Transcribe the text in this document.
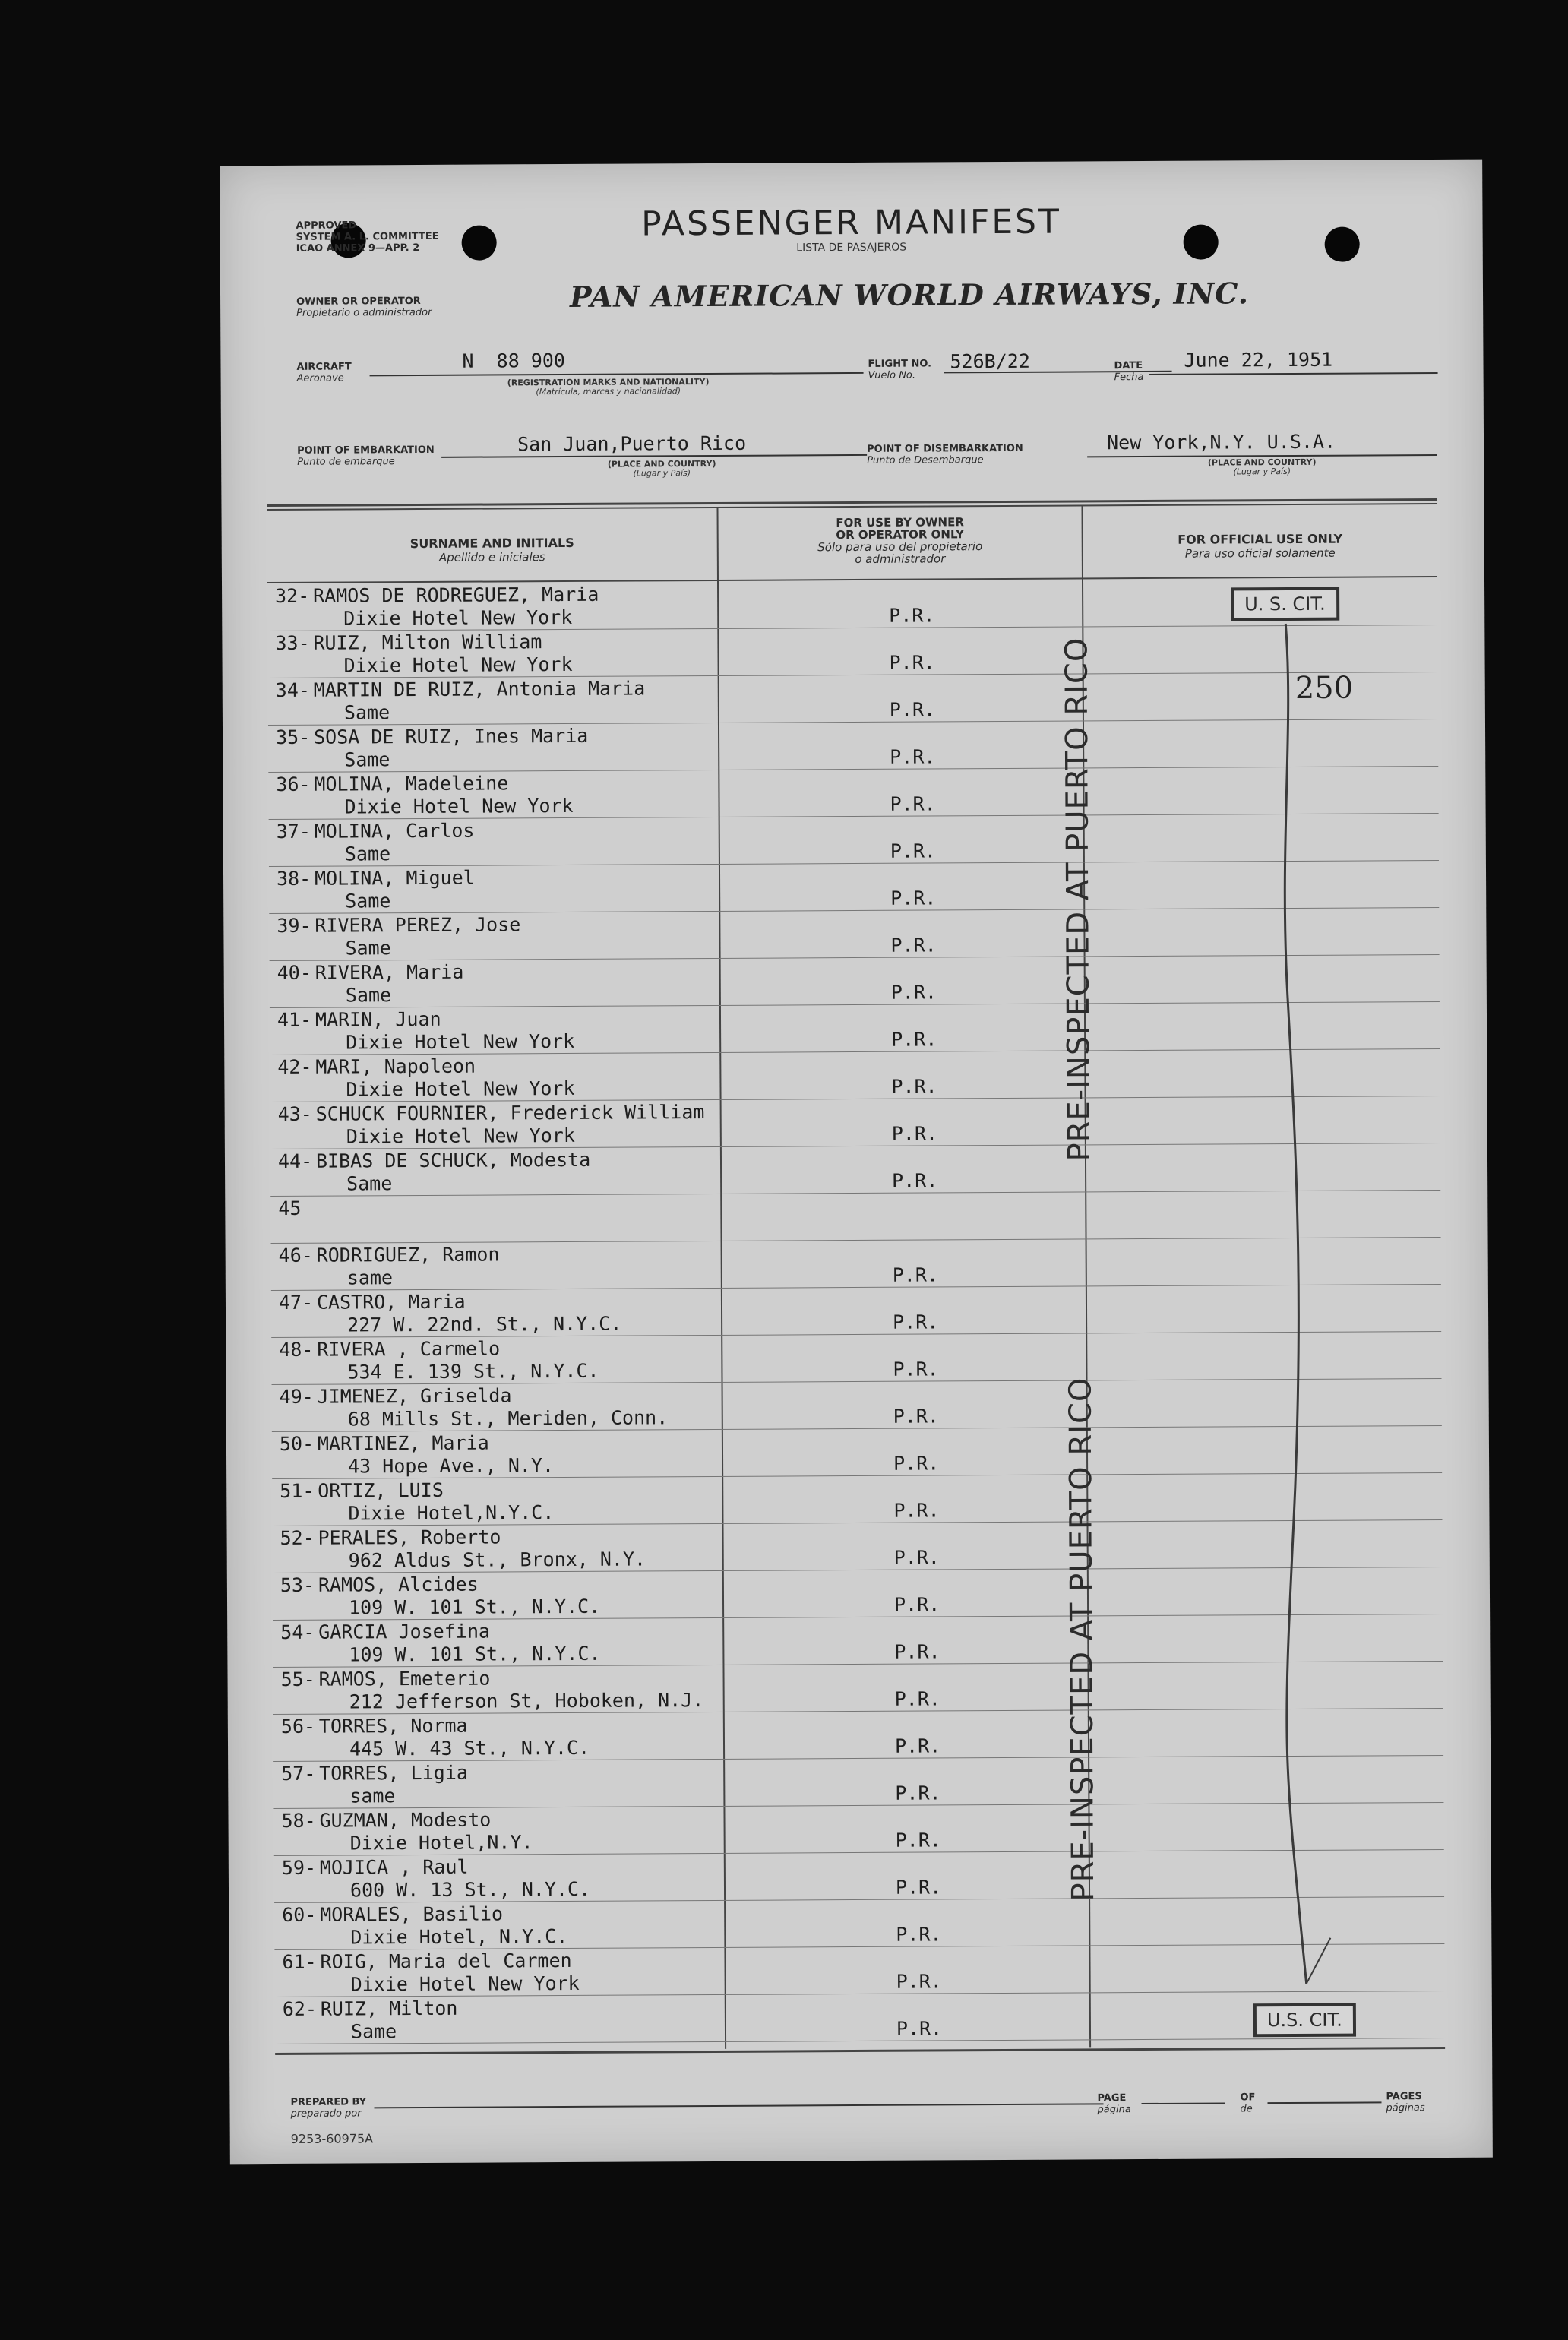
APPROVED
SYSTEM A. L. COMMITTEE
ICAO ANNEX 9—APP. 2
PASSENGER MANIFEST
LISTA DE PASAJEROS
OWNER OR OPERATOR
Propietario o administrador	PAN AMERICAN WORLD AIRWAYS, INC.
AIRCRAFT
Aeronave
N  88 900
(REGISTRATION MARKS AND NATIONALITY)
(Matrícula, marcas y nacionalidad)
FLIGHT NO.
Vuelo No.
526B/22	DATE
Fecha
June 22, 1951
POINT OF EMBARKATION
Punto de embarque
San Juan,Puerto Rico
(PLACE AND COUNTRY)
(Lugar y País)
POINT OF DISEMBARKATION
Punto de Desembarque
New York,N.Y. U.S.A.
(PLACE AND COUNTRY)
(Lugar y País)
SURNAME AND INITIALS
Apellido e iniciales
FOR USE BY OWNER
OR OPERATOR ONLY
Sólo para uso del propietario
o administrador
FOR OFFICIAL USE ONLY
Para uso oficial solamente
32- RAMOS DE RODREGUEZ, Maria
Dixie Hotel New York	P.R.
33- RUIZ, Milton William
Dixie Hotel New York	P.R.
34- MARTIN DE RUIZ, Antonia Maria
Same	P.R.
35- SOSA DE RUIZ, Ines Maria
Same	P.R.
36- MOLINA, Madeleine
Dixie Hotel New York	P.R.
37- MOLINA, Carlos
Same	P.R.
38- MOLINA, Miguel
Same	P.R.
39- RIVERA PEREZ, Jose
Same	P.R.
40- RIVERA, Maria
Same	P.R.
41- MARIN, Juan
Dixie Hotel New York	P.R.
42- MARI, Napoleon
Dixie Hotel New York	P.R.
43- SCHUCK FOURNIER, Frederick William
Dixie Hotel New York	P.R.
44- BIBAS DE SCHUCK, Modesta
Same	P.R.
45
46- RODRIGUEZ, Ramon
same	P.R.
47- CASTRO, Maria
227 W. 22nd. St., N.Y.C.	P.R.
48- RIVERA , Carmelo
534 E. 139 St., N.Y.C.	P.R.
49- JIMENEZ, Griselda
68 Mills St., Meriden, Conn.	P.R.
50- MARTINEZ, Maria
43 Hope Ave., N.Y.	P.R.
51- ORTIZ, LUIS
Dixie Hotel,N.Y.C.	P.R.
52- PERALES, Roberto
962 Aldus St., Bronx, N.Y.	P.R.
53- RAMOS, Alcides
109 W. 101 St., N.Y.C.	P.R.
54- GARCIA Josefina
109 W. 101 St., N.Y.C.	P.R.
55- RAMOS, Emeterio
212 Jefferson St, Hoboken, N.J.	P.R.
56- TORRES, Norma
445 W. 43 St., N.Y.C.	P.R.
57- TORRES, Ligia
same	P.R.
58- GUZMAN, Modesto
Dixie Hotel,N.Y.	P.R.
59- MOJICA , Raul
600 W. 13 St., N.Y.C.	P.R.
60- MORALES, Basilio
Dixie Hotel, N.Y.C.	P.R.
61- ROIG, Maria del Carmen
Dixie Hotel New York	P.R.
62- RUIZ, Milton
Same	P.R.
PRE-INSPECTED AT PUERTO RICO
PRE-INSPECTED AT PUERTO RICO
U. S. CIT.
U.S. CIT.
250
PREPARED BY
preparado por
PAGE
página
OF
de
PAGES
páginas
9253-60975A
